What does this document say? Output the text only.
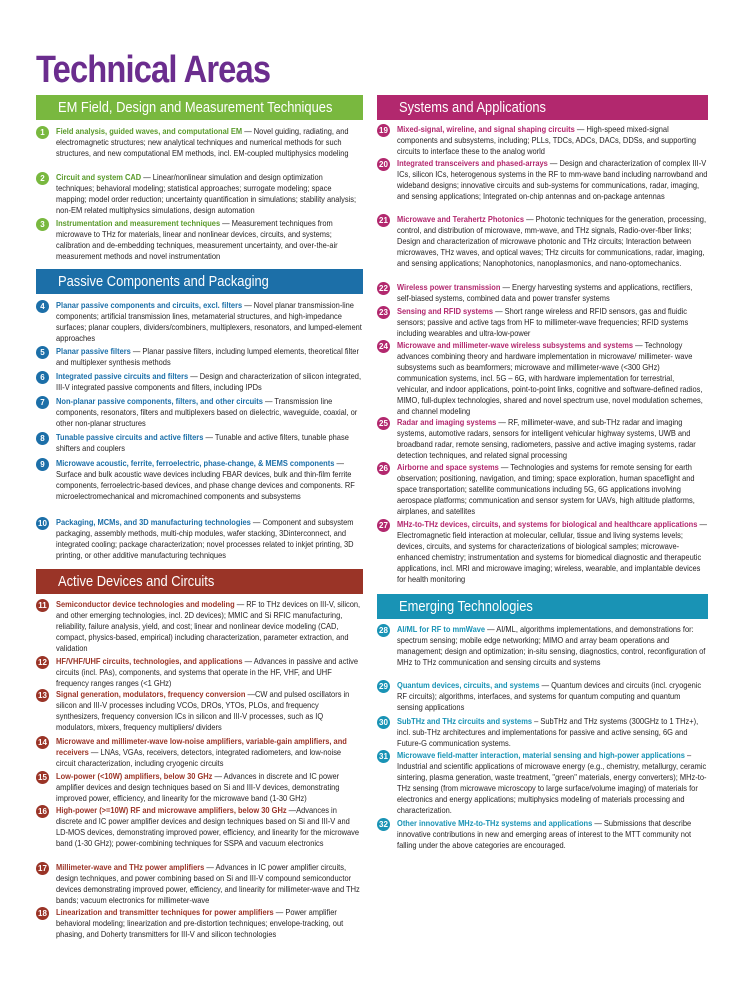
Technical Areas
EM Field, Design and Measurement Techniques
1	Field analysis, guided waves, and computational EM — Novel guiding, radiating, and electromagnetic structures; new analytical techniques and numerical methods for such structures, and new computational EM methods, incl. EM-coupled multiphysics modeling
2	Circuit and system CAD — Linear/nonlinear simulation and design optimization techniques; behavioral modeling; statistical approaches; surrogate modeling; space mapping; model order reduction; uncertainty quantification in simulations; stability analysis; non-EM related multiphysics simulations, design automation
3	Instrumentation and measurement techniques — Measurement techniques from microwave to THz for materials, linear and nonlinear devices, circuits, and systems; calibration and de-embedding techniques, measurement uncertainty, and over-the-air measurement methods and novel instrumentation
Passive Components and Packaging
4	Planar passive components and circuits, excl. filters — Novel planar transmission-line components; artificial transmission lines, metamaterial structures, and high-impedance surfaces; planar couplers, dividers/combiners, multiplexers, resonators, and lumped-element approaches
5	Planar passive filters — Planar passive filters, including lumped elements, theoretical filter and multiplexer synthesis methods
6	Integrated passive circuits and filters — Design and characterization of silicon integrated, III-V integrated passive components and filters, including IPDs
7	Non-planar passive components, filters, and other circuits — Transmission line components, resonators, filters and multiplexers based on dielectric, waveguide, coaxial, or other non-planar structures
8	Tunable passive circuits and active filters — Tunable and active filters, tunable phase shifters and couplers
9	Microwave acoustic, ferrite, ferroelectric, phase-change, & MEMS components —Surface and bulk acoustic wave devices including FBAR devices, bulk and thin-film ferrite components, ferroelectric-based devices, and phase change devices and components. RF microelectromechanical and micromachined components and subsystems
10 Packaging, MCMs, and 3D manufacturing technologies — Component and subsystem packaging, assembly methods, multi-chip modules, wafer stacking, 3Dinterconnect, and integrated cooling; package characterization; novel processes related to inkjet printing, 3D printing, or other additive manufacturing techniques
Active Devices and Circuits
11 Semiconductor device technologies and modeling — RF to THz devices on III-V, silicon, and other emerging technologies, incl. 2D devices); MMIC and Si RFIC manufacturing, reliability, failure analysis, yield, and cost; linear and nonlinear device modeling (CAD, compact, physics-based, empirical) including characterization, parameter extraction, and validation
12 HF/VHF/UHF circuits, technologies, and applications — Advances in passive and active circuits (incl. PAs), components, and systems that operate in the HF, VHF, and UHF frequency ranges ranges (<1 GHz)
13 Signal generation, modulators, frequency conversion —CW and pulsed oscillators in silicon and III-V processes including VCOs, DROs, YTOs, PLOs, and frequency synthesizers, frequency conversion ICs in silicon and III-V processes, such as IQ modulators, mixers, frequency multipliers/ dividers
14 Microwave and millimeter-wave low-noise amplifiers, variable-gain amplifiers, and receivers — LNAs, VGAs, receivers, detectors, integrated radiometers, and low-noise circuit characterization, including cryogenic circuits
15 Low-power (<10W) amplifiers, below 30 GHz — Advances in discrete and IC power amplifier devices and design techniques based on Si and III-V devices, demonstrating improved power, efficiency, and linearity for the microwave band (1-30 GHz)
16 High-power (>=10W) RF and microwave amplifiers, below 30 GHz —Advances in discrete and IC power amplifier devices and design techniques based on Si and III-V and LD-MOS devices, demonstrating improved power, efficiency, and linearity for the microwave band (1-30 GHz); power-combining techniques for SSPA and vacuum electronics
17 Millimeter-wave and THz power amplifiers — Advances in IC power amplifier circuits, design techniques, and power combining based on Si and III-V compound semiconductor devices demonstrating improved power, efficiency, and linearity for millimeter-wave and THz bands; vacuum electronics for millimeter-wave
18 Linearization and transmitter techniques for power amplifiers — Power amplifier behavioral modeling; linearization and pre-distortion techniques; envelope-tracking, out phasing, and Doherty transmitters for III-V and silicon technologies
Systems and Applications
19 Mixed-signal, wireline, and signal shaping circuits — High-speed mixed-signal components and subsystems, including; PLLs, TDCs, ADCs, DACs, DDSs, and supporting circuits to interface these to the analog world
20 Integrated transceivers and phased-arrays — Design and characterization of complex III-V ICs, silicon ICs, heterogenous systems in the RF to mm-wave band including narrowband and wideband designs; innovative circuits and sub-systems for communications, radar, imaging, and sensing applications; Integrated on-chip antennas and on-package antennas
21 Microwave and Terahertz Photonics — Photonic techniques for the generation, processing, control, and distribution of microwave, mm-wave, and THz signals, Radio-over-fiber links; Design and characterization of microwave photonic and THz circuits; Interaction between microwaves, THz waves, and optical waves; THz circuits for communications, radar, imaging, and sensing applications; Nanophotonics, nanoplasmonics, and nano-optomechanics.
22 Wireless power transmission — Energy harvesting systems and applications, rectifiers, self-biased systems, combined data and power transfer systems
23 Sensing and RFID systems — Short range wireless and RFID sensors, gas and fluidic sensors; passive and active tags from HF to millimeter-wave frequencies; RFID systems including wearables and ultra-low-power
24 Microwave and millimeter-wave wireless subsystems and systems — Technology advances combining theory and hardware implementation in microwave/ millimeter- wave subsystems such as beamformers; microwave and millimeter-wave (<300 GHz) communication systems, incl. 5G – 6G, with hardware implementation for terrestrial, vehicular, and indoor applications, point-to-point links, cognitive and software-defined radios, MIMO, full-duplex technologies, shared and novel spectrum use, novel modulation schemes, and channel modeling
25 Radar and imaging systems — RF, millimeter-wave, and sub-THz radar and imaging systems, automotive radars, sensors for intelligent vehicular highway systems, UWB and broadband radar, remote sensing, radiometers, passive and active imaging systems, radar detection techniques, and related signal processing
26 Airborne and space systems — Technologies and systems for remote sensing for earth observation; positioning, navigation, and timing; space exploration, human spaceflight and space transportation; satellite communications including 5G, 6G applications involving aerospace platforms; communication and sensor system for UAVs, high altitude platforms, airplanes, and satellites
27 MHz-to-THz devices, circuits, and systems for biological and healthcare applications — Electromagnetic field interaction at molecular, cellular, tissue and living systems levels; devices, circuits, and systems for characterizations of biological samples; microwave-enhanced chemistry; instrumentation and systems for biomedical diagnostic and therapeutic applications, incl. MRI and microwave imaging; wireless, wearable, and implantable devices for health monitoring
Emerging Technologies
28 AI/ML for RF to mmWave — AI/ML, algorithms implementations, and demonstrations for: spectrum sensing; mobile edge networking; MIMO and array beam operations and management; design and optimization; in-situ sensing, diagnostics, control, reconfiguration of MHz to THz communication and sensing circuits and systems
29 Quantum devices, circuits, and systems — Quantum devices and circuits (incl. cryogenic RF circuits); algorithms, interfaces, and systems for quantum computing and quantum sensing applications
30 SubTHz and THz circuits and systems – SubTHz and THz systems (300GHz to 1 THz+), incl. sub-THz architectures and implementations for passive and active sensing, 6G and Future-G communication systems.
31 Microwave field-matter interaction, material sensing and high-power applications – Industrial and scientific applications of microwave energy (e.g., chemistry, metallurgy, ceramic sintering, plasma generation, waste treatment, "green" materials, energy converters); MHz-to-THz sensing (from microwave microscopy to large surface/volume imaging) of materials for electronics and energy applications; multiphysics modeling of materials processing and characterization.
32 Other innovative MHz-to-THz systems and applications — Submissions that describe innovative contributions in new and emerging areas of interest to the MTT community not falling under the above categories are encouraged.
